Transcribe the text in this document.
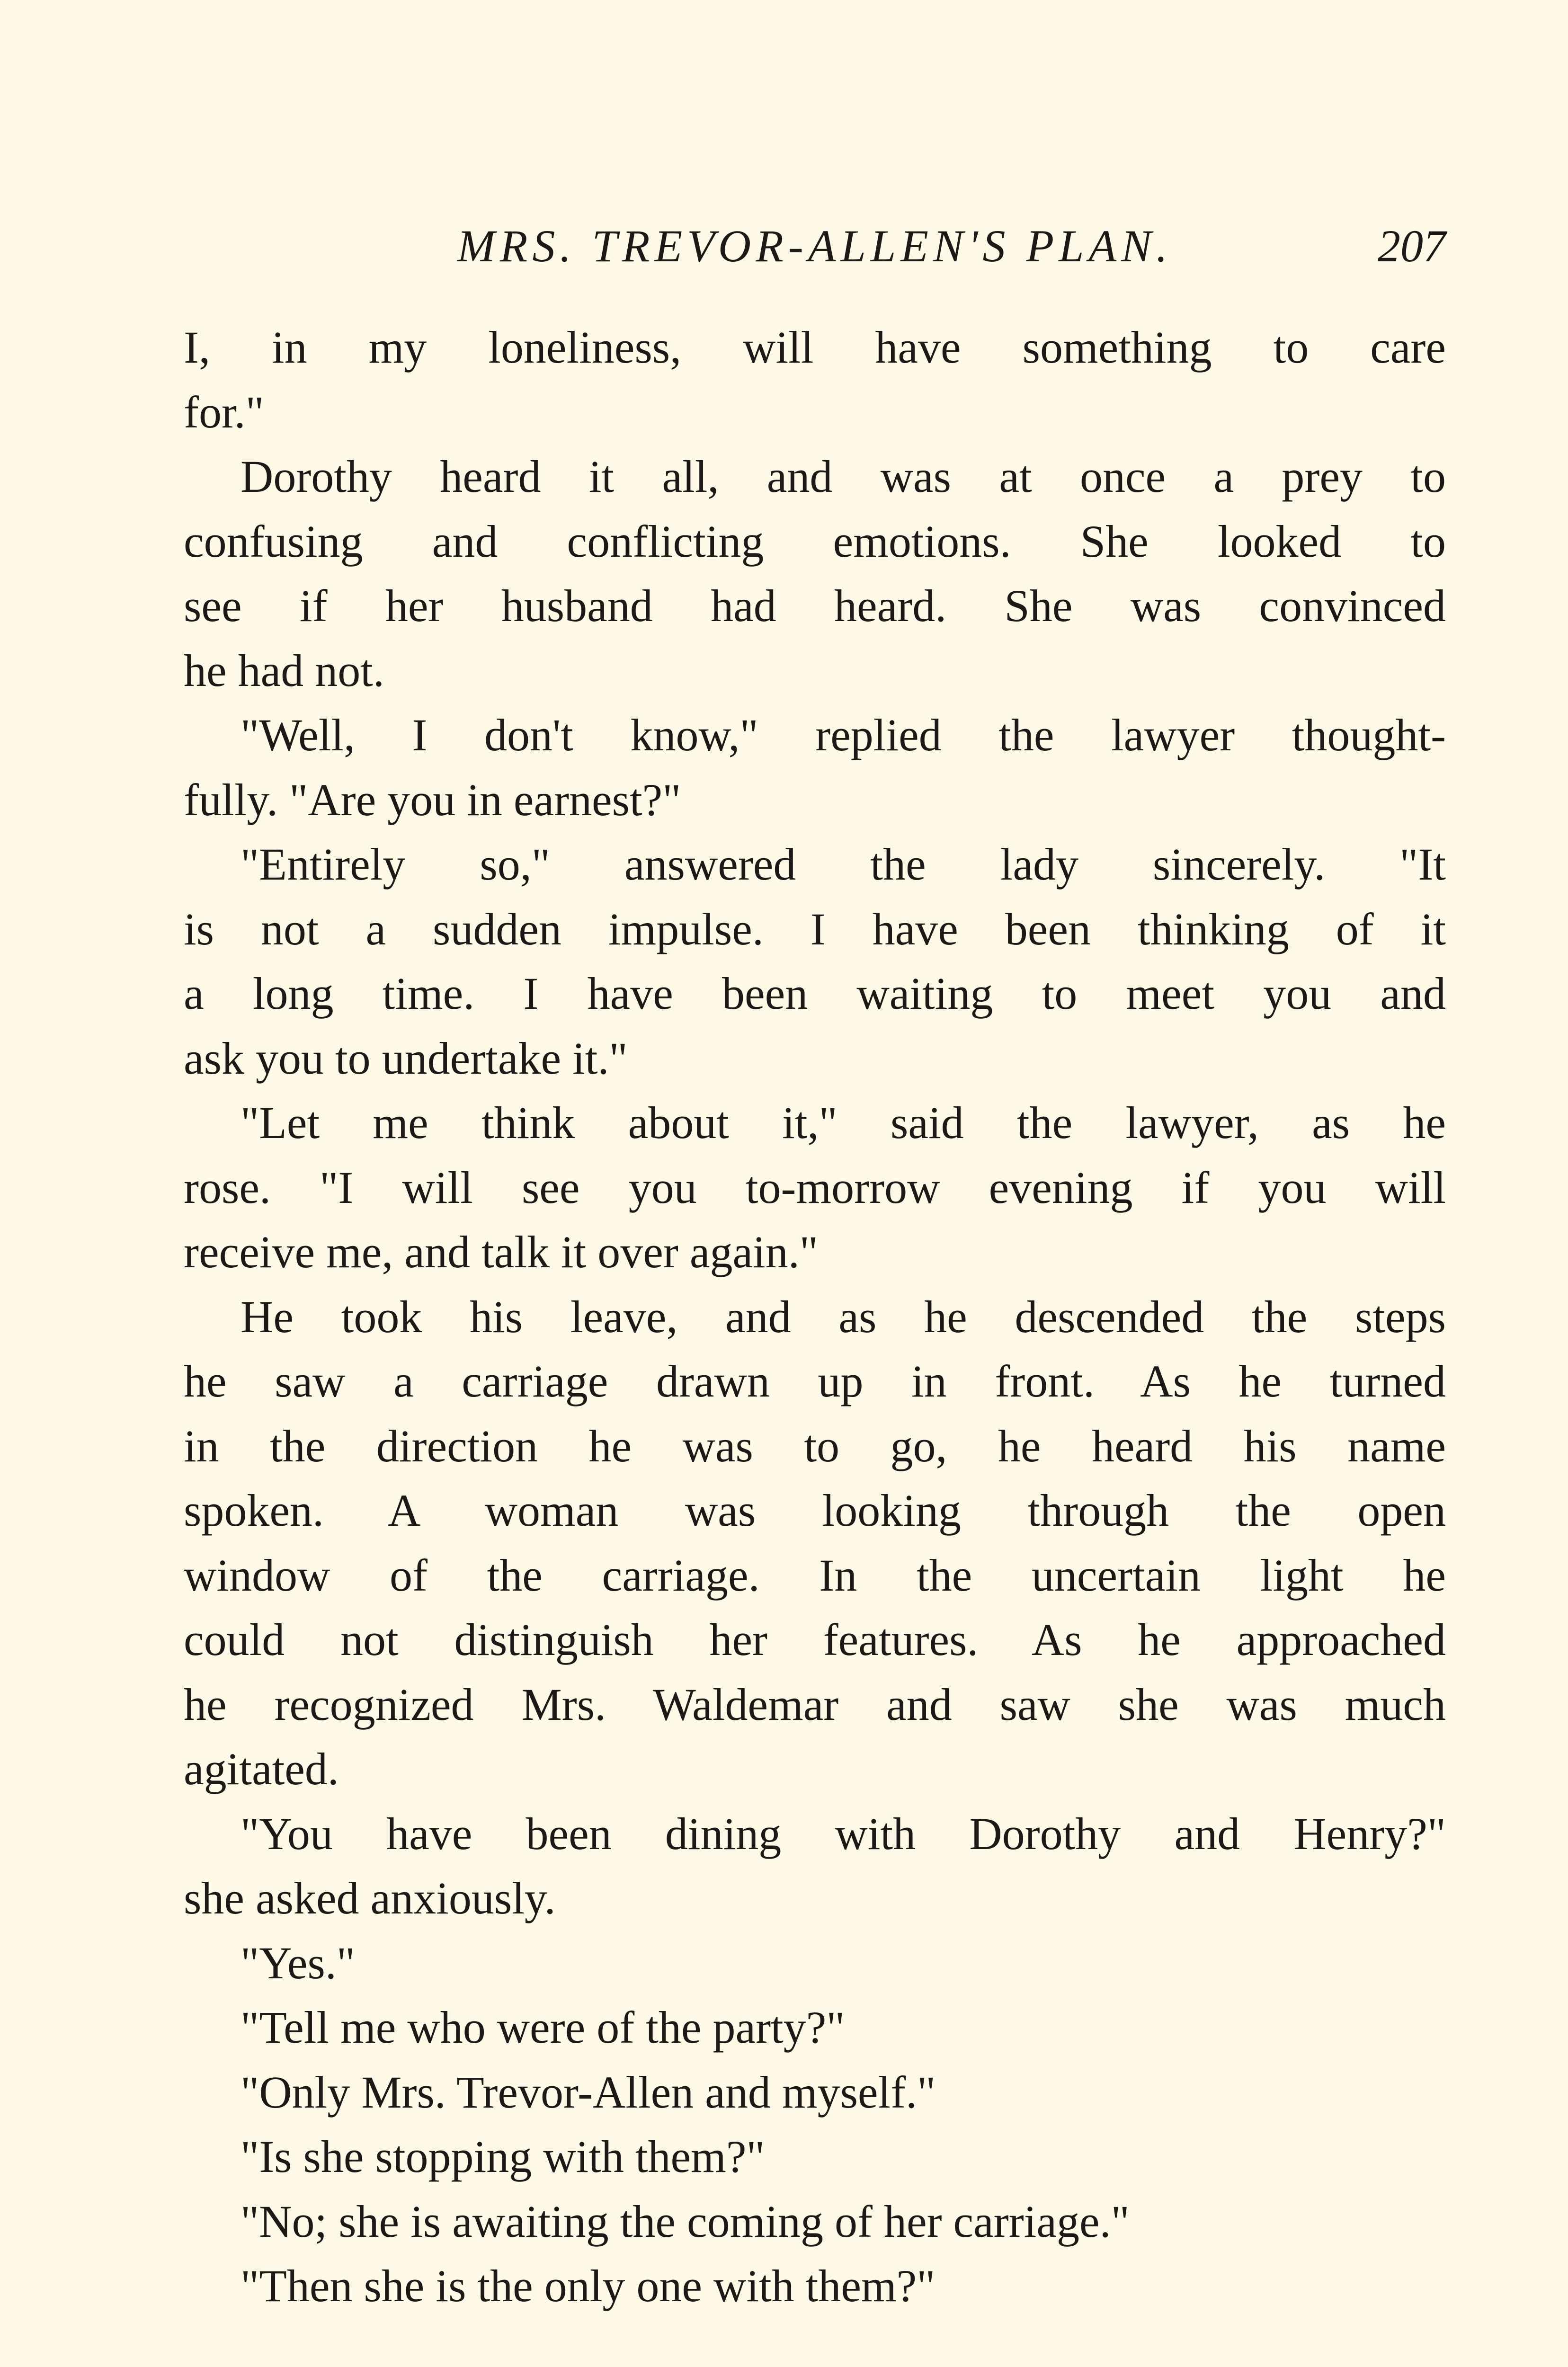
MRS. TREVOR-ALLEN'S PLAN.	207
I, in my loneliness, will have something to care
for."
Dorothy heard it all, and was at once a prey to
confusing and conflicting emotions. She looked to
see if her husband had heard. She was convinced
he had not.
"Well, I don't know," replied the lawyer thought-
fully. "Are you in earnest?"
"Entirely so," answered the lady sincerely. "It
is not a sudden impulse. I have been thinking of it
a long time. I have been waiting to meet you and
ask you to undertake it."
"Let me think about it," said the lawyer, as he
rose. "I will see you to-morrow evening if you will
receive me, and talk it over again."
He took his leave, and as he descended the steps
he saw a carriage drawn up in front. As he turned
in the direction he was to go, he heard his name
spoken. A woman was looking through the open
window of the carriage. In the uncertain light he
could not distinguish her features. As he approached
he recognized Mrs. Waldemar and saw she was much
agitated.
"You have been dining with Dorothy and Henry?"
she asked anxiously.
"Yes."
"Tell me who were of the party?"
"Only Mrs. Trevor-Allen and myself."
"Is she stopping with them?"
"No; she is awaiting the coming of her carriage."
"Then she is the only one with them?"
